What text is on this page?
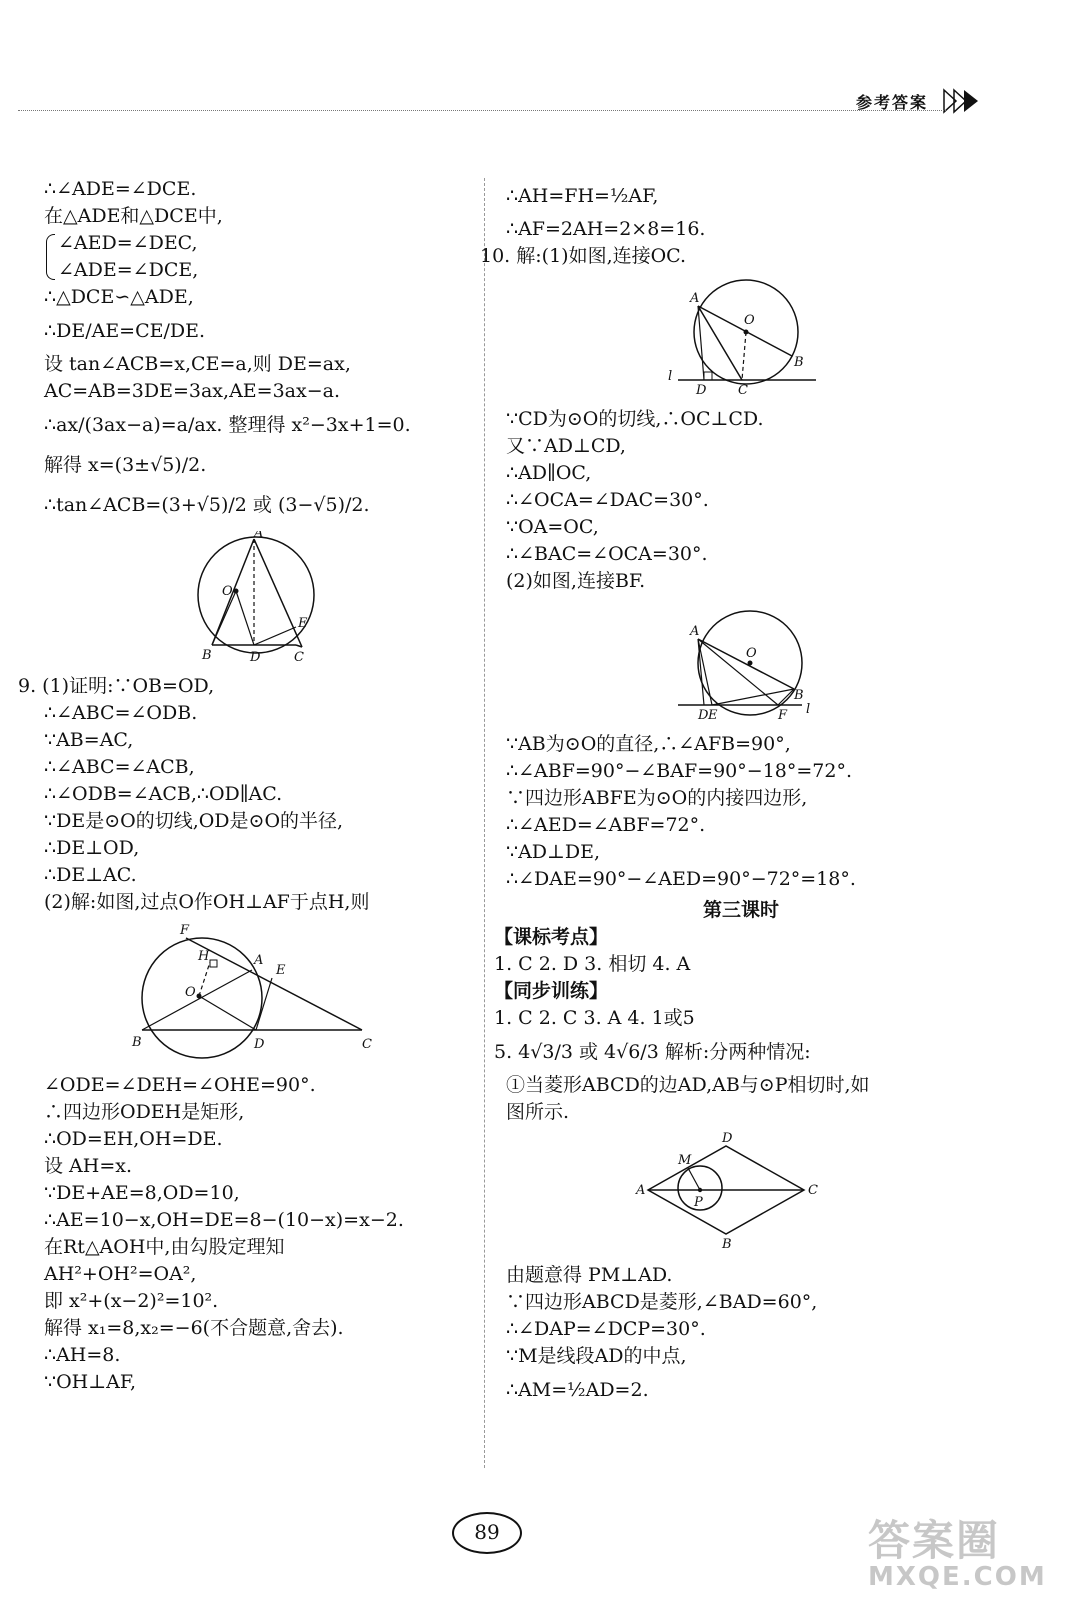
参考答案
∴∠ADE=∠DCE.
在△ADE和△DCE中,
∠AED=∠DEC,
∠ADE=∠DCE,
∴△DCE∽△ADE,
∴DE/AE=CE/DE.
设 tan∠ACB=x,CE=a,则 DE=ax,
AC=AB=3DE=3ax,AE=3ax−a.
∴ax/(3ax−a)=a/ax. 整理得 x²−3x+1=0.
解得 x=(3±√5)/2.
∴tan∠ACB=(3+√5)/2 或 (3−√5)/2.
A
O
B	D
E
C
9. (1)证明:∵OB=OD,
∴∠ABC=∠ODB.
∵AB=AC,
∴∠ABC=∠ACB,
∴∠ODB=∠ACB,∴OD∥AC.
∵DE是⊙O的切线,OD是⊙O的半径,
∴DE⊥OD,
∴DE⊥AC.
(2)解:如图,过点O作OH⊥AF于点H,则
F
H	A
E
O
B	D	C
∠ODE=∠DEH=∠OHE=90°.
∴四边形ODEH是矩形,
∴OD=EH,OH=DE.
设 AH=x.
∵DE+AE=8,OD=10,
∴AE=10−x,OH=DE=8−(10−x)=x−2.
在Rt△AOH中,由勾股定理知
AH²+OH²=OA²,
即 x²+(x−2)²=10².
解得 x₁=8,x₂=−6(不合题意,舍去).
∴AH=8.
∵OH⊥AF,
∴AH=FH=½AF,
∴AF=2AH=2×8=16.
10. 解:(1)如图,连接OC.
A
O
B
l
D C
∵CD为⊙O的切线,∴OC⊥CD.
又∵AD⊥CD,
∴AD∥OC,
∴∠OCA=∠DAC=30°.
∵OA=OC,
∴∠BAC=∠OCA=30°.
(2)如图,连接BF.
A
O
B
D E	F l
∵AB为⊙O的直径,∴∠AFB=90°,
∴∠ABF=90°−∠BAF=90°−18°=72°.
∵四边形ABFE为⊙O的内接四边形,
∴∠AED=∠ABF=72°.
∵AD⊥DE,
∴∠DAE=90°−∠AED=90°−72°=18°.
第三课时
【课标考点】
1. C 2. D 3. 相切 4. A
【同步训练】
1. C 2. C 3. A 4. 1或5
5. 4√3/3 或 4√6/3 解析:分两种情况:
①当菱形ABCD的边AD,AB与⊙P相切时,如
图所示.
D
M
A
P
C
B
由题意得 PM⊥AD.
∵四边形ABCD是菱形,∠BAD=60°,
∴∠DAP=∠DCP=30°.
∵M是线段AD的中点,
∴AM=½AD=2.
89	答案圈
MXQE.COM
